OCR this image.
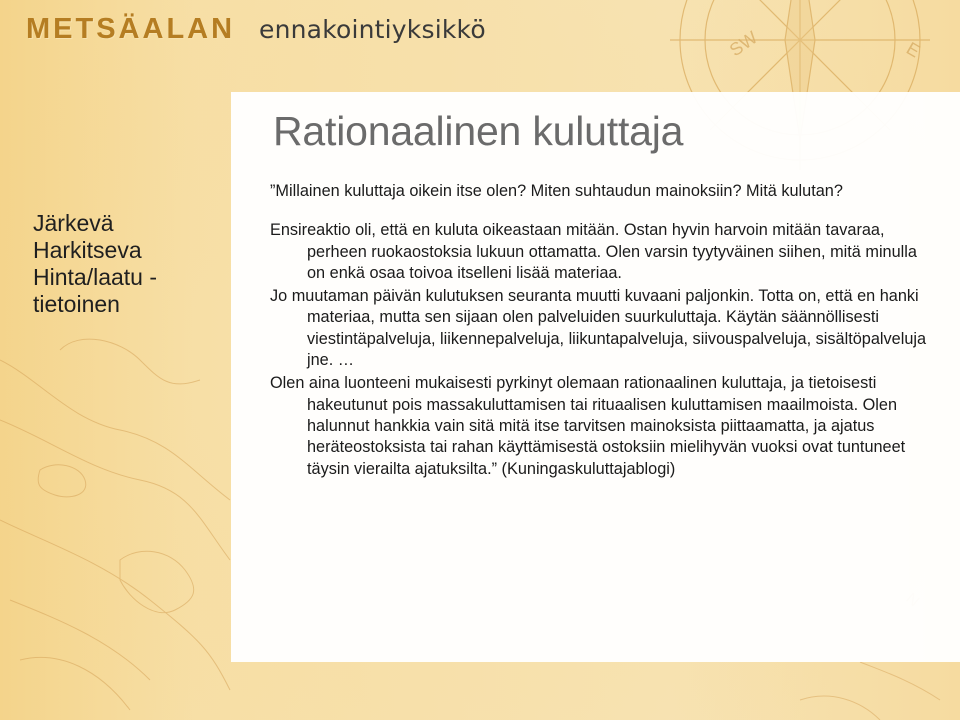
SW	E
METSÄALAN ennakointiyksikkö
Rationaalinen kuluttaja
Järkevä
Harkitseva
Hinta/laatu -
tietoinen
”Millainen kuluttaja oikein itse olen? Miten suhtaudun mainoksiin? Mitä kulutan?
Ensireaktio oli, että en kuluta oikeastaan mitään. Ostan hyvin harvoin mitään tavaraa, perheen ruokaostoksia lukuun ottamatta. Olen varsin tyytyväinen siihen, mitä minulla on enkä osaa toivoa itselleni lisää materiaa.
Jo muutaman päivän kulutuksen seuranta muutti kuvaani paljonkin. Totta on, että en hanki materiaa, mutta sen sijaan olen palveluiden suurkuluttaja. Käytän säännöllisesti viestintäpalveluja, liikennepalveluja, liikuntapalveluja, siivouspalveluja, sisältöpalveluja jne. …
Olen aina luonteeni mukaisesti pyrkinyt olemaan rationaalinen kuluttaja, ja tietoisesti hakeutunut pois massakuluttamisen tai rituaalisen kuluttamisen maailmoista. Olen halunnut hankkia vain sitä mitä itse tarvitsen mainoksista piittaamatta, ja ajatus heräteostoksista tai rahan käyttämisestä ostoksiin mielihyvän vuoksi ovat tuntuneet täysin vierailta ajatuksilta.” (Kuningaskuluttajablogi)
